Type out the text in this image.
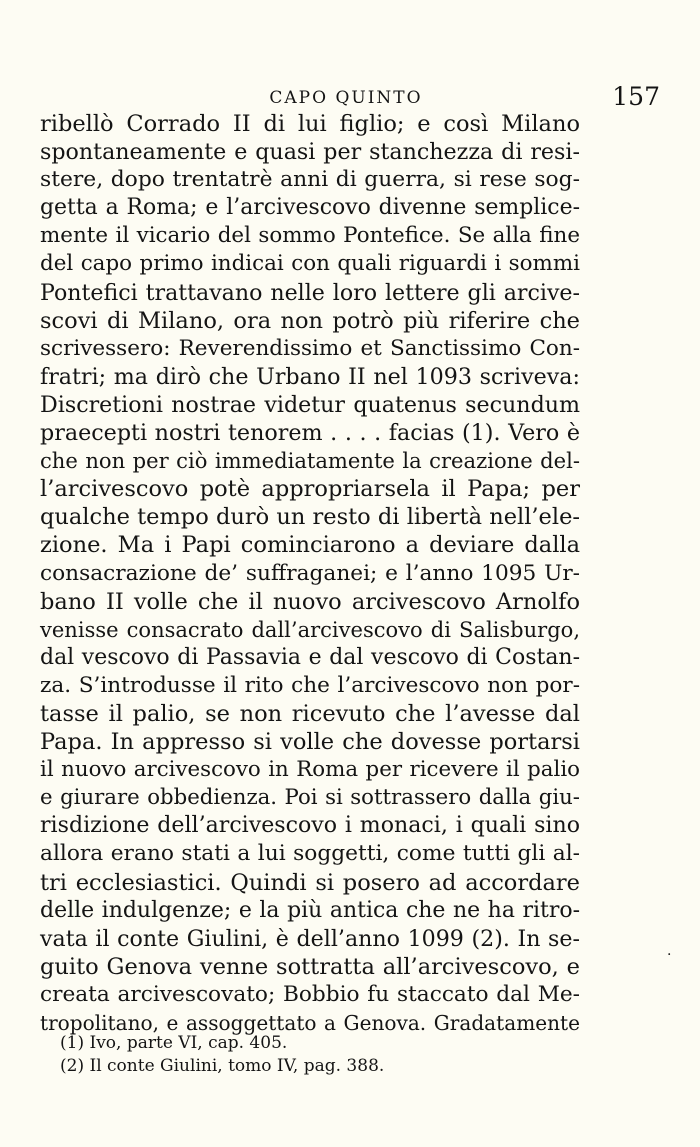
CAPO QUINTO	157
ribellò Corrado II di lui figlio; e così Milano
spontaneamente e quasi per stanchezza di resi-
stere, dopo trentatrè anni di guerra, si rese sog-
getta a Roma; e l’arcivescovo divenne semplice-
mente il vicario del sommo Pontefice. Se alla fine
del capo primo indicai con quali riguardi i sommi
Pontefici trattavano nelle loro lettere gli arcive-
scovi di Milano, ora non potrò più riferire che
scrivessero: Reverendissimo et Sanctissimo Con-
fratri; ma dirò che Urbano II nel 1093 scriveva:
Discretioni nostrae videtur quatenus secundum
praecepti nostri tenorem . . . . facias (1). Vero è
che non per ciò immediatamente la creazione del-
l’arcivescovo potè appropriarsela il Papa; per
qualche tempo durò un resto di libertà nell’ele-
zione. Ma i Papi cominciarono a deviare dalla
consacrazione de’ suffraganei; e l’anno 1095 Ur-
bano II volle che il nuovo arcivescovo Arnolfo
venisse consacrato dall’arcivescovo di Salisburgo,
dal vescovo di Passavia e dal vescovo di Costan-
za. S’introdusse il rito che l’arcivescovo non por-
tasse il palio, se non ricevuto che l’avesse dal
Papa. In appresso si volle che dovesse portarsi
il nuovo arcivescovo in Roma per ricevere il palio
e giurare obbedienza. Poi si sottrassero dalla giu-
risdizione dell’arcivescovo i monaci, i quali sino
allora erano stati a lui soggetti, come tutti gli al-
tri ecclesiastici. Quindi si posero ad accordare
delle indulgenze; e la più antica che ne ha ritro-
vata il conte Giulini, è dell’anno 1099 (2). In se-
guito Genova venne sottratta all’arcivescovo, e
creata arcivescovato; Bobbio fu staccato dal Me-
tropolitano, e assoggettato a Genova. Gradatamente
·
(1) Ivo, parte VI, cap. 405.
(2) Il conte Giulini, tomo IV, pag. 388.
